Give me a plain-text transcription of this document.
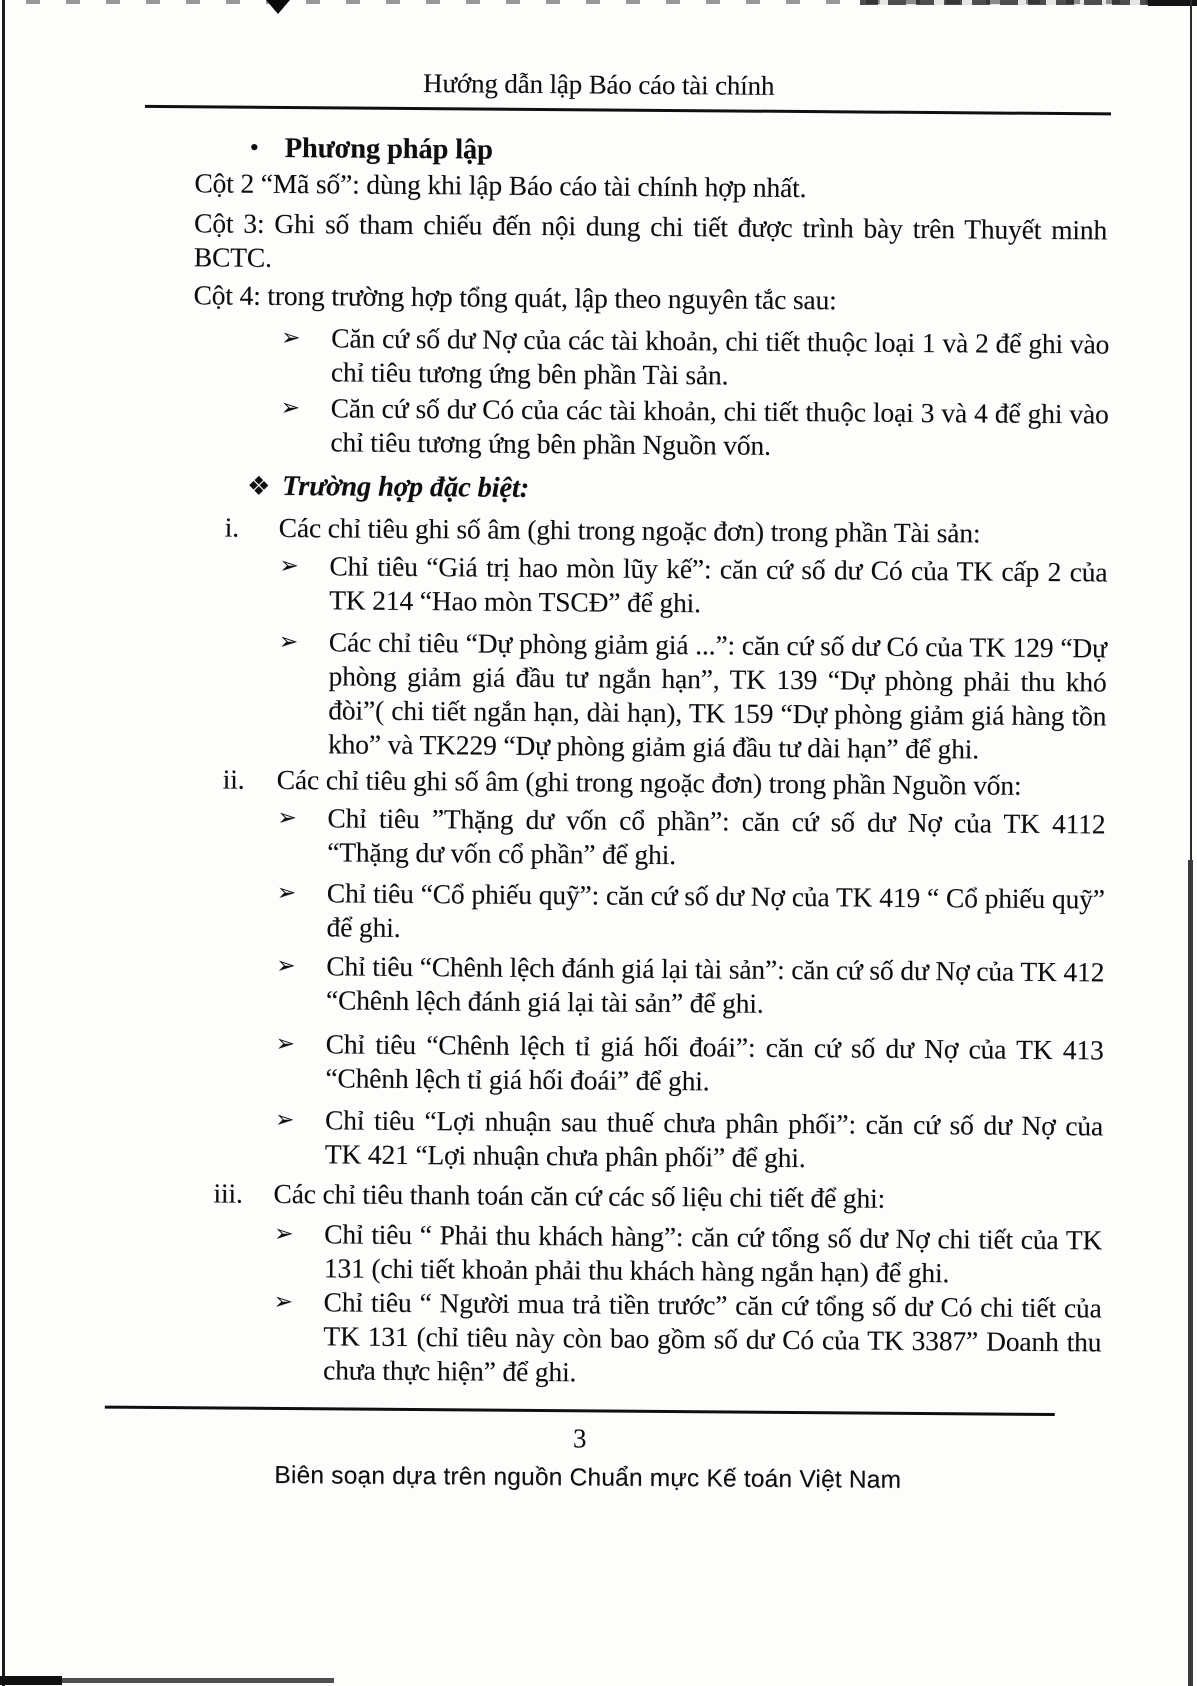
Hướng dẫn lập Báo cáo tài chính
• Phương pháp lập
Cột 2 “Mã số”: dùng khi lập Báo cáo tài chính hợp nhất.
Cột 3: Ghi số tham chiếu đến nội dung chi tiết được trình bày trên Thuyết minh BCTC.
Cột 4: trong trường hợp tổng quát, lập theo nguyên tắc sau:
➢ Căn cứ số dư Nợ của các tài khoản, chi tiết thuộc loại 1 và 2 để ghi vào chỉ tiêu tương ứng bên phần Tài sản.
➢ Căn cứ số dư Có của các tài khoản, chi tiết thuộc loại 3 và 4 để ghi vào chỉ tiêu tương ứng bên phần Nguồn vốn.
❖ Trường hợp đặc biệt:
i. Các chỉ tiêu ghi số âm (ghi trong ngoặc đơn) trong phần Tài sản:
➢ Chỉ tiêu “Giá trị hao mòn lũy kế”: căn cứ số dư Có của TK cấp 2 của TK 214 “Hao mòn TSCĐ” để ghi.
➢ Các chỉ tiêu “Dự phòng giảm giá ...”: căn cứ số dư Có của TK 129 “Dự phòng giảm giá đầu tư ngắn hạn”, TK 139 “Dự phòng phải thu khó đòi”( chi tiết ngắn hạn, dài hạn), TK 159 “Dự phòng giảm giá hàng tồn kho” và TK229 “Dự phòng giảm giá đầu tư dài hạn” để ghi.
ii. Các chỉ tiêu ghi số âm (ghi trong ngoặc đơn) trong phần Nguồn vốn:
➢ Chỉ tiêu ”Thặng dư vốn cổ phần”: căn cứ số dư Nợ của TK 4112 “Thặng dư vốn cổ phần” để ghi.
➢ Chỉ tiêu “Cổ phiếu quỹ”: căn cứ số dư Nợ của TK 419 “ Cổ phiếu quỹ” để ghi.
➢ Chỉ tiêu “Chênh lệch đánh giá lại tài sản”: căn cứ số dư Nợ của TK 412 “Chênh lệch đánh giá lại tài sản” để ghi.
➢ Chỉ tiêu “Chênh lệch tỉ giá hối đoái”: căn cứ số dư Nợ của TK 413 “Chênh lệch tỉ giá hối đoái” để ghi.
➢ Chỉ tiêu “Lợi nhuận sau thuế chưa phân phối”: căn cứ số dư Nợ của TK 421 “Lợi nhuận chưa phân phối” để ghi.
iii. Các chỉ tiêu thanh toán căn cứ các số liệu chi tiết để ghi:
➢ Chỉ tiêu “ Phải thu khách hàng”: căn cứ tổng số dư Nợ chi tiết của TK 131 (chi tiết khoản phải thu khách hàng ngắn hạn) để ghi.
➢ Chỉ tiêu “ Người mua trả tiền trước” căn cứ tổng số dư Có chi tiết của TK 131 (chỉ tiêu này còn bao gồm số dư Có của TK 3387” Doanh thu chưa thực hiện” để ghi.
3
Biên soạn dựa trên nguồn Chuẩn mực Kế toán Việt Nam
